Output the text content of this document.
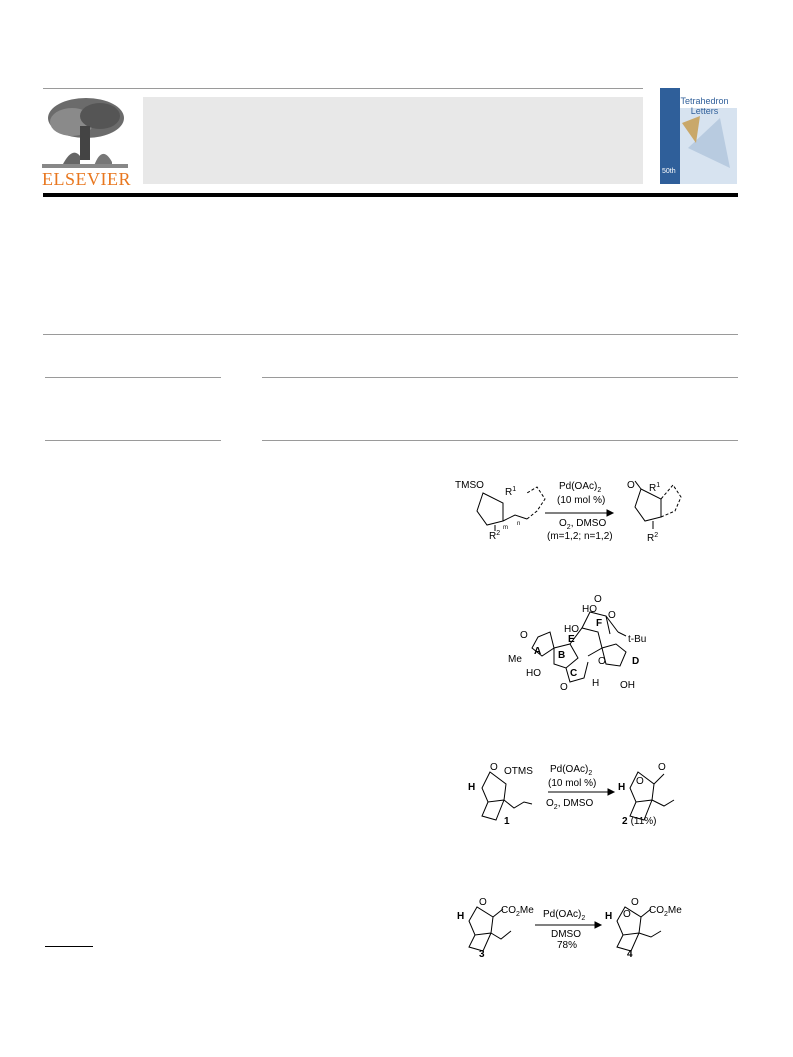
ELSEVIER
Tetrahedron
Letters
50th
TMSO
$R^1$
$R^2$
m
n
$Pd(OAc)_2$
(10 mol %)
$O_2$, DMSO
(m=1,2; n=1,2)
O $R^1$
$R^2$
O
HO
HO
O
Me
HO
OH
H
O
O
O
t-Bu
A B
C
D
E
F
H
O OTMS $Pd(OAc)_2$
(10 mol %)
$O_2$, DMSO
1
H
O
O
2 (11%)
H
O
$CO_2Me$ $Pd(OAc)_2$
DMSO
78%
3
H O
O
$CO_2Me$
4
